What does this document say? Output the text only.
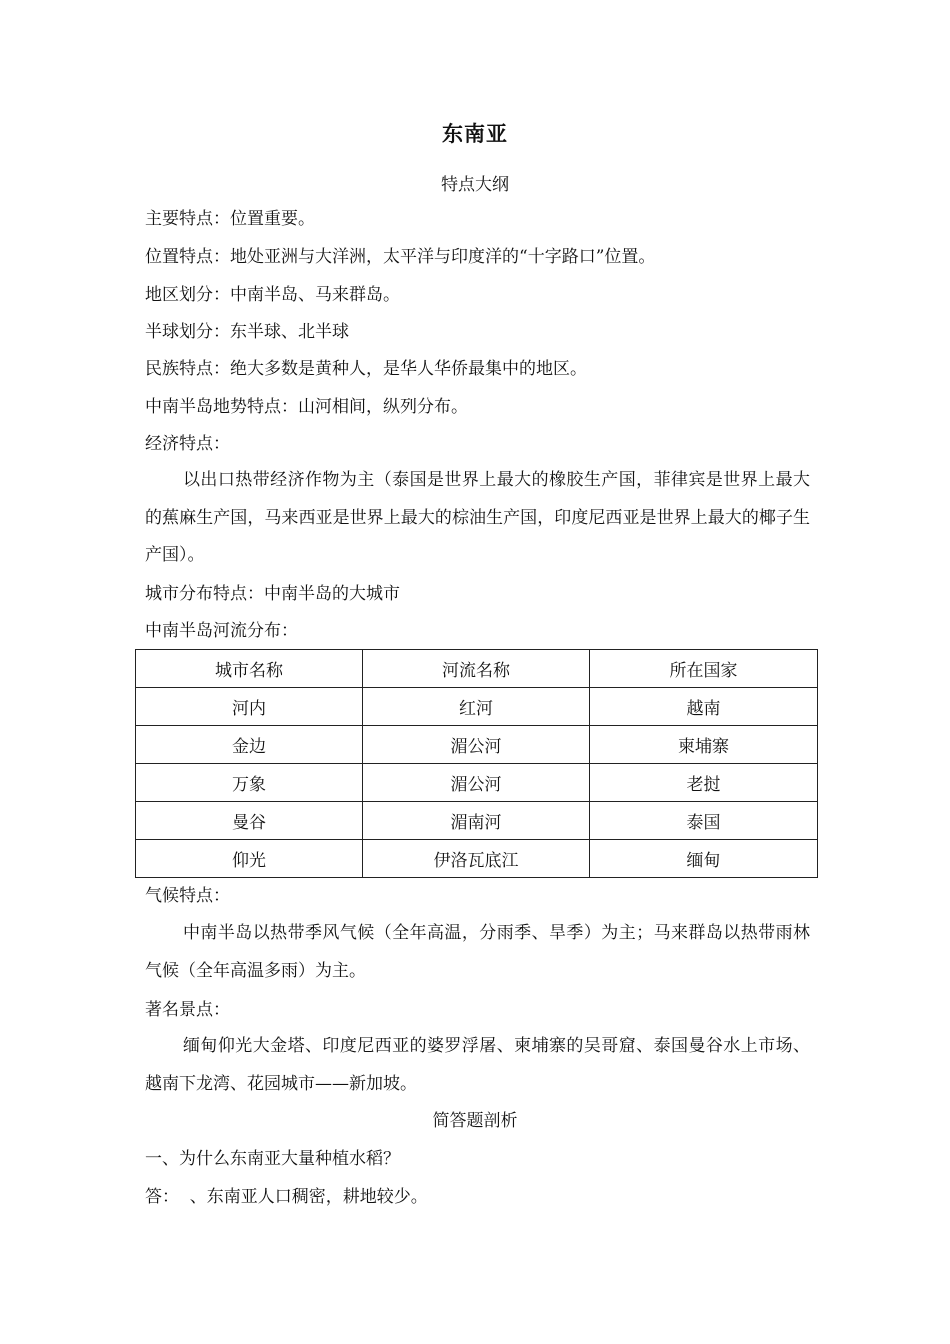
东南亚
特点大纲
主要特点：位置重要。
位置特点：地处亚洲与大洋洲，太平洋与印度洋的“十字路口”位置。
地区划分：中南半岛、马来群岛。
半球划分：东半球、北半球
民族特点：绝大多数是黄种人，是华人华侨最集中的地区。
中南半岛地势特点：山河相间，纵列分布。
经济特点：
以出口热带经济作物为主（泰国是世界上最大的橡胶生产国，菲律宾是世界上最大的蕉麻生产国，马来西亚是世界上最大的棕油生产国，印度尼西亚是世界上最大的椰子生产国）。
城市分布特点：中南半岛的大城市
中南半岛河流分布：
城市名称	河流名称	所在国家
河内	红河	越南
金边	湄公河	柬埔寨
万象	湄公河	老挝
曼谷	湄南河	泰国
仰光	伊洛瓦底江	缅甸
气候特点：
中南半岛以热带季风气候（全年高温，分雨季、旱季）为主；马来群岛以热带雨林气候（全年高温多雨）为主。
著名景点：
缅甸仰光大金塔、印度尼西亚的婆罗浮屠、柬埔寨的吴哥窟、泰国曼谷水上市场、越南下龙湾、花园城市——新加坡。
简答题剖析
一、为什么东南亚大量种植水稻？
答：  、东南亚人口稠密，耕地较少。
